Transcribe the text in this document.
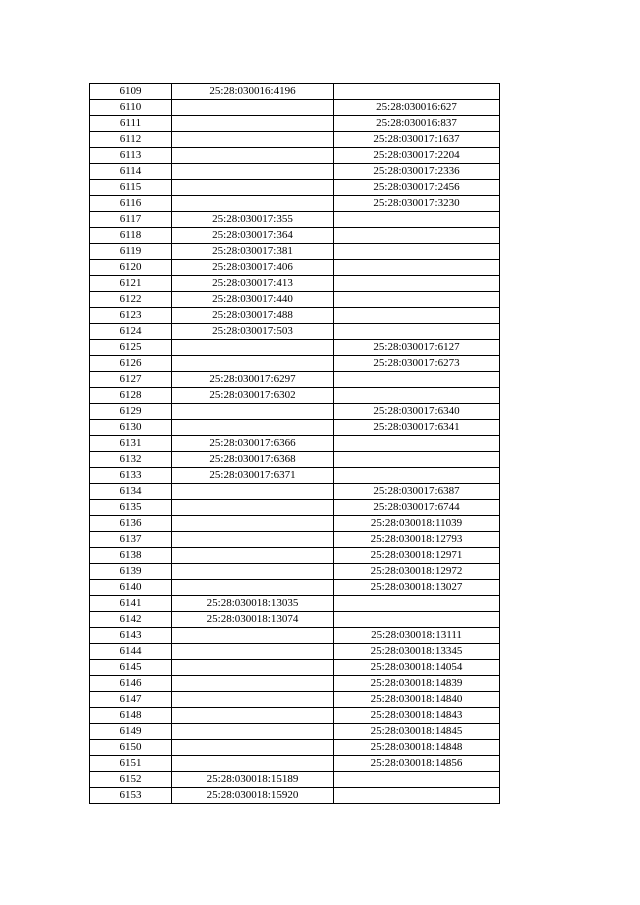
6109	25:28:030016:4196	
6110		25:28:030016:627
6111		25:28:030016:837
6112		25:28:030017:1637
6113		25:28:030017:2204
6114		25:28:030017:2336
6115		25:28:030017:2456
6116		25:28:030017:3230
6117	25:28:030017:355	
6118	25:28:030017:364	
6119	25:28:030017:381	
6120	25:28:030017:406	
6121	25:28:030017:413	
6122	25:28:030017:440	
6123	25:28:030017:488	
6124	25:28:030017:503	
6125		25:28:030017:6127
6126		25:28:030017:6273
6127	25:28:030017:6297	
6128	25:28:030017:6302	
6129		25:28:030017:6340
6130		25:28:030017:6341
6131	25:28:030017:6366	
6132	25:28:030017:6368	
6133	25:28:030017:6371	
6134		25:28:030017:6387
6135		25:28:030017:6744
6136		25:28:030018:11039
6137		25:28:030018:12793
6138		25:28:030018:12971
6139		25:28:030018:12972
6140		25:28:030018:13027
6141	25:28:030018:13035	
6142	25:28:030018:13074	
6143		25:28:030018:13111
6144		25:28:030018:13345
6145		25:28:030018:14054
6146		25:28:030018:14839
6147		25:28:030018:14840
6148		25:28:030018:14843
6149		25:28:030018:14845
6150		25:28:030018:14848
6151		25:28:030018:14856
6152	25:28:030018:15189	
6153	25:28:030018:15920	
